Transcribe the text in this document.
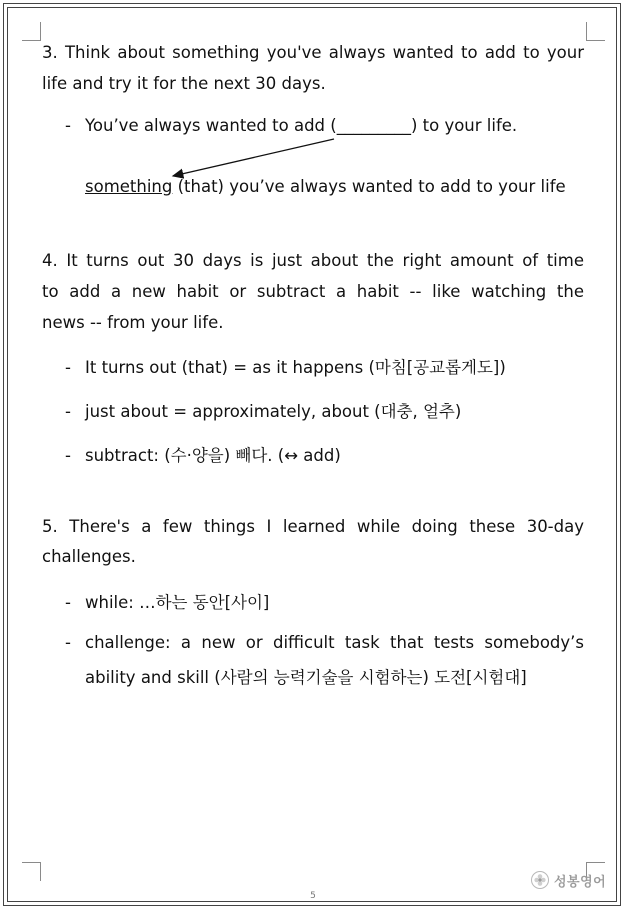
3. Think about something you've always wanted to add to your
life and try it for the next 30 days.
- You’ve always wanted to add (_________) to your life.
something (that) you’ve always wanted to add to your life
4. It turns out 30 days is just about the right amount of time
to add a new habit or subtract a habit -- like watching the
news -- from your life.
- It turns out (that) = as it happens (마침[공교롭게도])
- just about = approximately, about (대충, 얼추)
- subtract: (수·양을) 빼다. (↔ add)
5. There's a few things I learned while doing these 30-day
challenges.
- while: …하는 동안[사이]
- challenge: a new or difficult task that tests somebody’s
ability and skill (사람의 능력기술을 시험하는) 도전[시험대]
5
성봉영어
